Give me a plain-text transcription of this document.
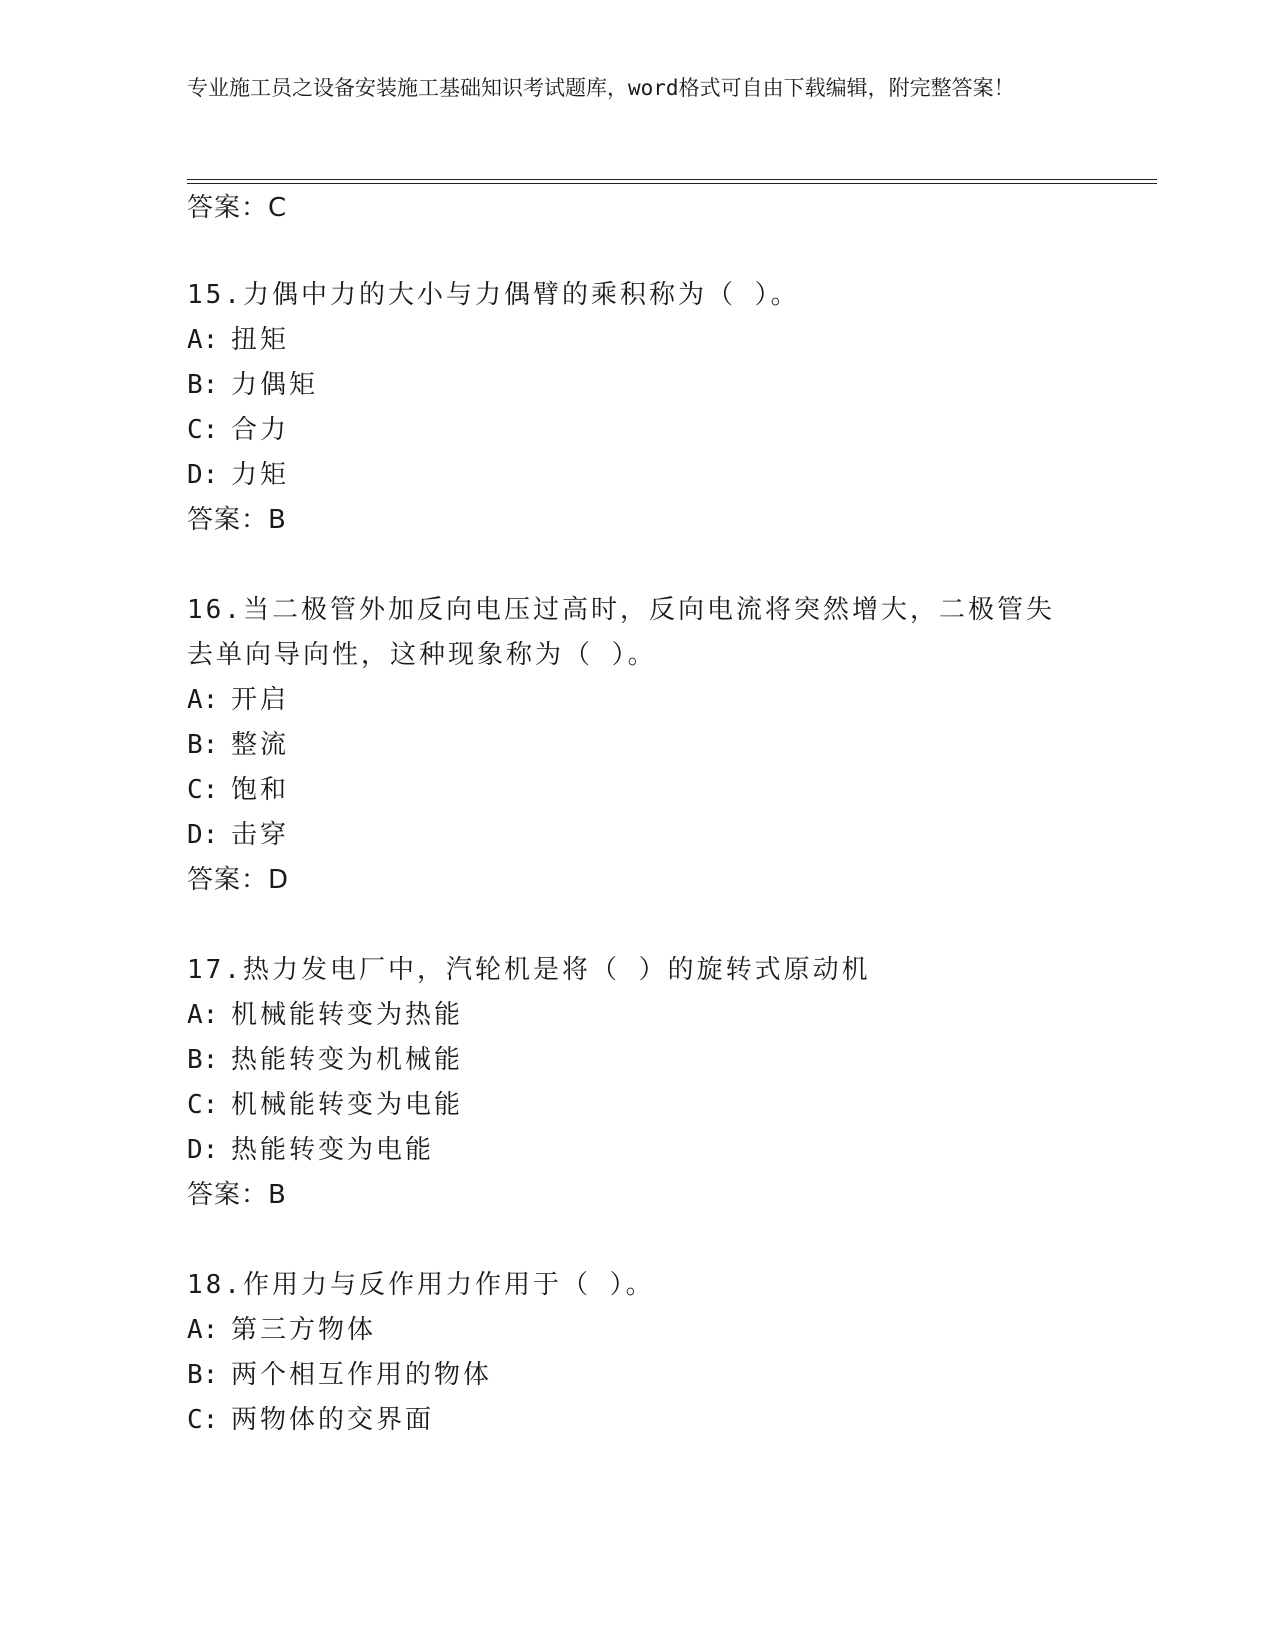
专业施工员之设备安装施工基础知识考试题库，word格式可自由下载编辑，附完整答案！
答案：C
15.力偶中力的大小与力偶臂的乘积称为（ ）。
A: 扭矩
B: 力偶矩
C: 合力
D: 力矩
答案：B
16.当二极管外加反向电压过高时，反向电流将突然增大，二极管失去单向导向性，这种现象称为（ ）。
A: 开启
B: 整流
C: 饱和
D: 击穿
答案：D
17.热力发电厂中，汽轮机是将（ ）的旋转式原动机
A: 机械能转变为热能
B: 热能转变为机械能
C: 机械能转变为电能
D: 热能转变为电能
答案：B
18.作用力与反作用力作用于（ ）。
A: 第三方物体
B: 两个相互作用的物体
C: 两物体的交界面
